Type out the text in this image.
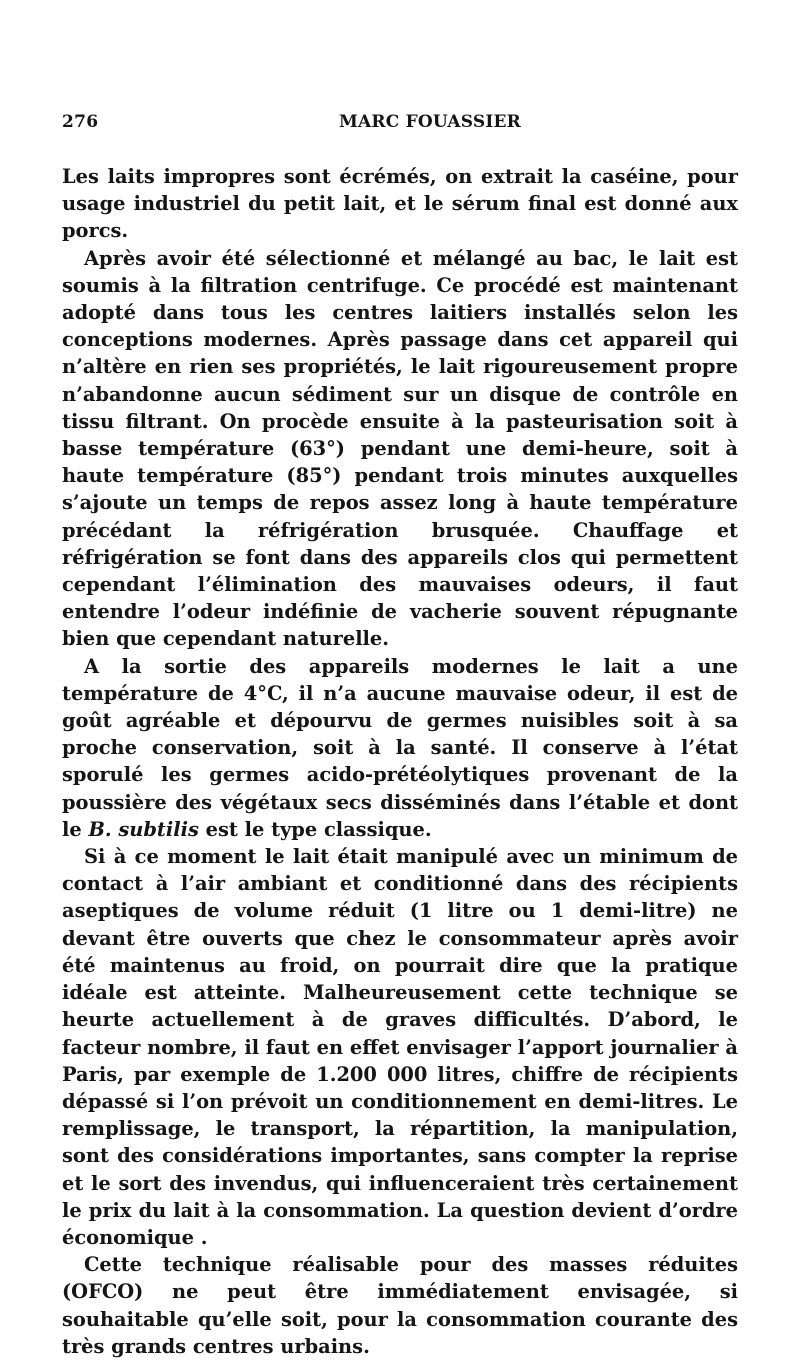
276	MARC FOUASSIER

Les laits impropres sont écrémés, on extrait la caséine, pour usage industriel du petit lait, et le sérum final est donné aux porcs.

Après avoir été sélectionné et mélangé au bac, le lait est soumis à la filtration centrifuge. Ce procédé est maintenant adopté dans tous les centres laitiers installés selon les conceptions modernes. Après passage dans cet appareil qui n’altère en rien ses propriétés, le lait rigoureusement propre n’abandonne aucun sédiment sur un disque de contrôle en tissu filtrant. On procède ensuite à la pasteurisation soit à basse température (63°) pendant une demi-heure, soit à haute température (85°) pendant trois minutes auxquelles s’ajoute un temps de repos assez long à haute température précédant la réfrigération brusquée. Chauffage et réfrigération se font dans des appareils clos qui permettent cependant l’élimination des mauvaises odeurs, il faut entendre l’odeur indéfinie de vacherie souvent répugnante bien que cependant naturelle.

A la sortie des appareils modernes le lait a une température de 4°C, il n’a aucune mauvaise odeur, il est de goût agréable et dépourvu de germes nuisibles soit à sa proche conservation, soit à la santé. Il conserve à l’état sporulé les germes acido-prétéolytiques provenant de la poussière des végétaux secs disséminés dans l’étable et dont le B. subtilis est le type classique.

Si à ce moment le lait était manipulé avec un minimum de contact à l’air ambiant et conditionné dans des récipients aseptiques de volume réduit (1 litre ou 1 demi-litre) ne devant être ouverts que chez le consommateur après avoir été maintenus au froid, on pourrait dire que la pratique idéale est atteinte. Malheureusement cette technique se heurte actuellement à de graves difficultés. D’abord, le facteur nombre, il faut en effet envisager l’apport journalier à Paris, par exemple de 1.200 000 litres, chiffre de récipients dépassé si l’on prévoit un conditionnement en demi-litres. Le remplissage, le transport, la répartition, la manipulation, sont des considérations importantes, sans compter la reprise et le sort des invendus, qui influenceraient très certainement le prix du lait à la consommation. La question devient d’ordre économique .

Cette technique réalisable pour des masses réduites (OFCO) ne peut être immédiatement envisagée, si souhaitable qu’elle soit, pour la consommation courante des très grands centres urbains.
